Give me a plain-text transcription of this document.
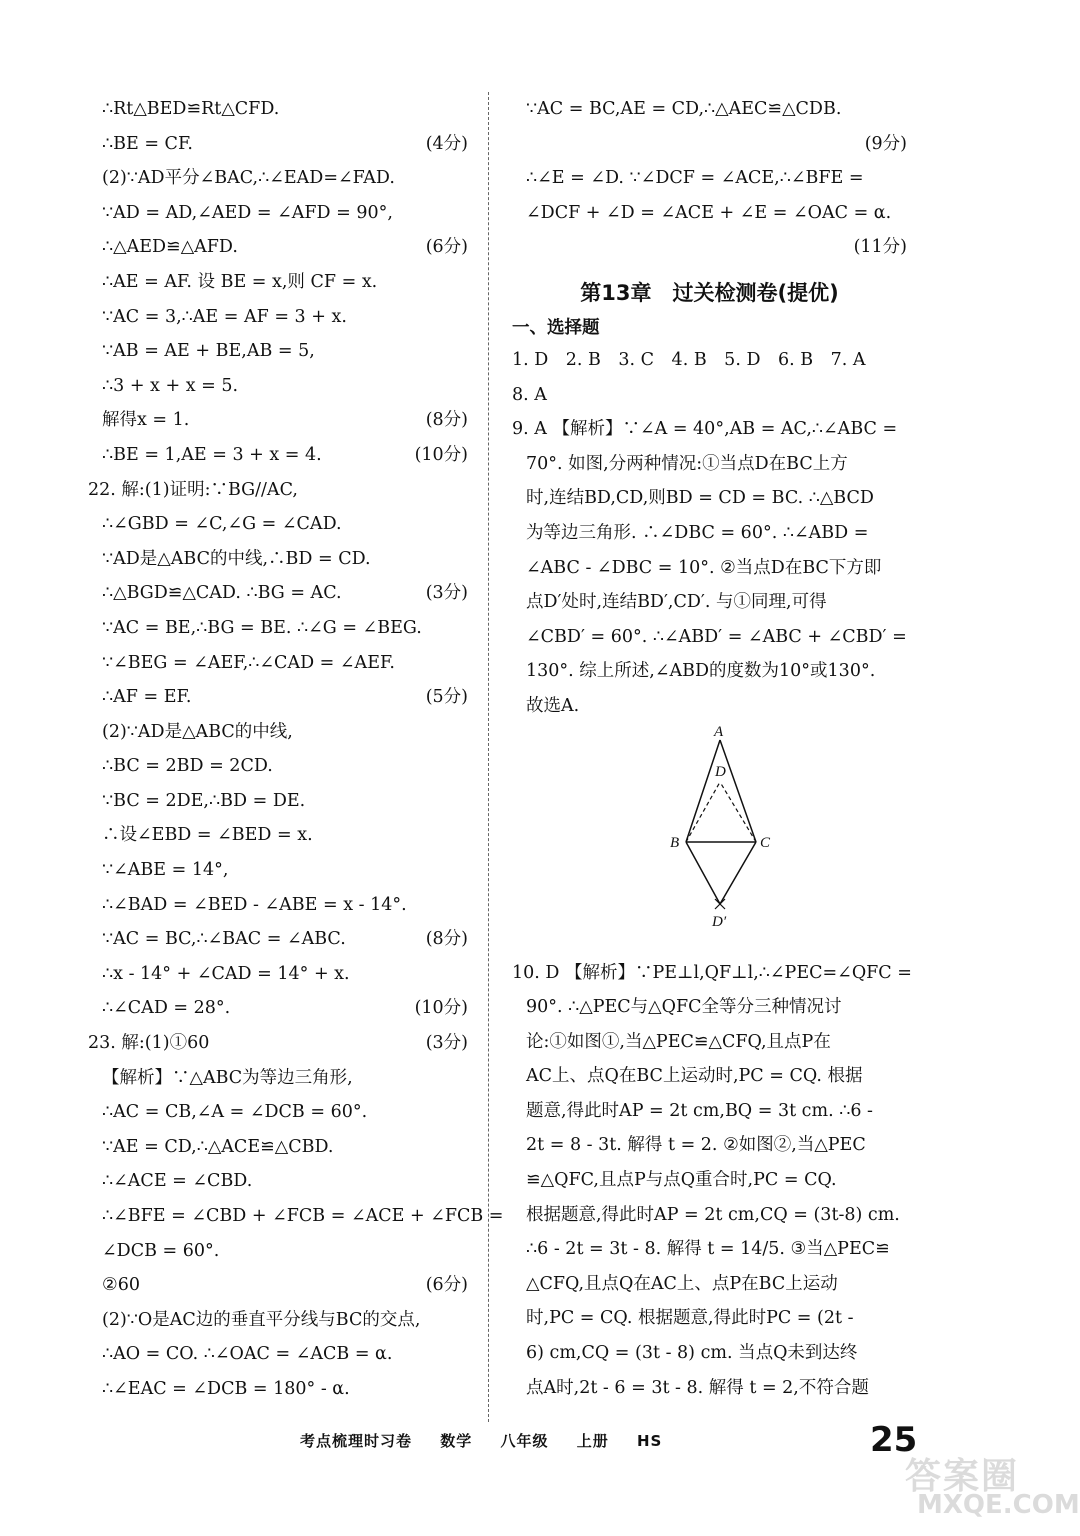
∴Rt△BED≌Rt△CFD.
∴BE = CF.	(4分)
(2)∵AD平分∠BAC,∴∠EAD=∠FAD.
∵AD = AD,∠AED = ∠AFD = 90°,
∴△AED≌△AFD.	(6分)
∴AE = AF. 设 BE = x,则 CF = x.
∵AC = 3,∴AE = AF = 3 + x.
∵AB = AE + BE,AB = 5,
∴3 + x + x = 5.
解得x = 1.	(8分)
∴BE = 1,AE = 3 + x = 4.	(10分)
22. 解:(1)证明:∵BG//AC,
∴∠GBD = ∠C,∠G = ∠CAD.
∵AD是△ABC的中线,∴BD = CD.
∴△BGD≌△CAD. ∴BG = AC.	(3分)
∵AC = BE,∴BG = BE. ∴∠G = ∠BEG.
∵∠BEG = ∠AEF,∴∠CAD = ∠AEF.
∴AF = EF.	(5分)
(2)∵AD是△ABC的中线,
∴BC = 2BD = 2CD.
∵BC = 2DE,∴BD = DE.
∴设∠EBD = ∠BED = x.
∵∠ABE = 14°,
∴∠BAD = ∠BED - ∠ABE = x - 14°.
∵AC = BC,∴∠BAC = ∠ABC.	(8分)
∴x - 14° + ∠CAD = 14° + x.
∴∠CAD = 28°.	(10分)
23. 解:(1)①60	(3分)
【解析】∵△ABC为等边三角形,
∴AC = CB,∠A = ∠DCB = 60°.
∵AE = CD,∴△ACE≌△CBD.
∴∠ACE = ∠CBD.
∴∠BFE = ∠CBD + ∠FCB = ∠ACE + ∠FCB =
∠DCB = 60°.
②60	(6分)
(2)∵O是AC边的垂直平分线与BC的交点,
∴AO = CO. ∴∠OAC = ∠ACB = α.
∴∠EAC = ∠DCB = 180° - α.
∵AC = BC,AE = CD,∴△AEC≌△CDB.
(9分)
∴∠E = ∠D. ∵∠DCF = ∠ACE,∴∠BFE =
∠DCF + ∠D = ∠ACE + ∠E = ∠OAC = α.
(11分)
第13章　过关检测卷(提优)
一、选择题
1. D　2. B　3. C　4. B　5. D　6. B　7. A
8. A
9. A 【解析】∵∠A = 40°,AB = AC,∴∠ABC =
70°. 如图,分两种情况:①当点D在BC上方
时,连结BD,CD,则BD = CD = BC. ∴△BCD
为等边三角形. ∴∠DBC = 60°. ∴∠ABD =
∠ABC - ∠DBC = 10°. ②当点D在BC下方即
点D′处时,连结BD′,CD′. 与①同理,可得
∠CBD′ = 60°. ∴∠ABD′ = ∠ABC + ∠CBD′ =
130°. 综上所述,∠ABD的度数为10°或130°.
故选A.
A
D
B	C
D′
10. D 【解析】∵PE⊥l,QF⊥l,∴∠PEC=∠QFC =
90°. ∴△PEC与△QFC全等分三种情况讨
论:①如图①,当△PEC≌△CFQ,且点P在
AC上、点Q在BC上运动时,PC = CQ. 根据
题意,得此时AP = 2t cm,BQ = 3t cm. ∴6 -
2t = 8 - 3t. 解得 t = 2. ②如图②,当△PEC
≌△QFC,且点P与点Q重合时,PC = CQ.
根据题意,得此时AP = 2t cm,CQ = (3t-8) cm.
∴6 - 2t = 3t - 8. 解得 t = 14/5. ③当△PEC≌
△CFQ,且点Q在AC上、点P在BC上运动
时,PC = CQ. 根据题意,得此时PC = (2t -
6) cm,CQ = (3t - 8) cm. 当点Q未到达终
点A时,2t - 6 = 3t - 8. 解得 t = 2,不符合题
考点梳理时习卷 数学 八年级 上册 HS	25
答案圈
MXQE.COM
